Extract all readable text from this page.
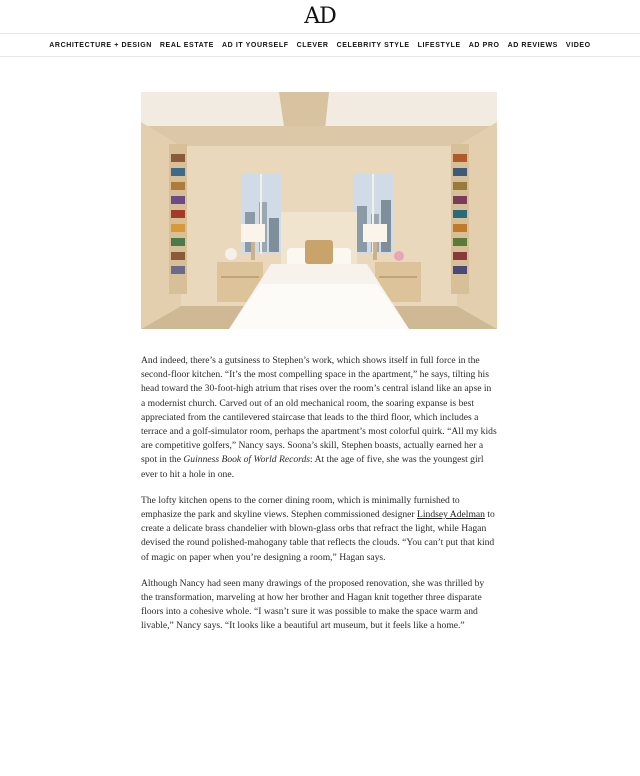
AD
ARCHITECTURE + DESIGN REAL ESTATE AD IT YOURSELF CLEVER CELEBRITY STYLE LIFESTYLE AD PRO AD REVIEWS VIDEO

And indeed, there’s a gutsiness to Stephen’s work, which shows itself in full force in the second-floor kitchen. “It’s the most compelling space in the apartment,” he says, tilting his head toward the 30-foot-high atrium that rises over the room’s central island like an apse in a modernist church. Carved out of an old mechanical room, the soaring expanse is best appreciated from the cantilevered staircase that leads to the third floor, which includes a terrace and a golf-simulator room, perhaps the apartment’s most colorful quirk. “All my kids are competitive golfers,” Nancy says. Soona’s skill, Stephen boasts, actually earned her a spot in the Guinness Book of World Records: At the age of five, she was the youngest girl ever to hit a hole in one.

The lofty kitchen opens to the corner dining room, which is minimally furnished to emphasize the park and skyline views. Stephen commissioned designer Lindsey Adelman to create a delicate brass chandelier with blown-glass orbs that refract the light, while Hagan devised the round polished-mahogany table that reflects the clouds. “You can’t put that kind of magic on paper when you’re designing a room,” Hagan says.

Although Nancy had seen many drawings of the proposed renovation, she was thrilled by the transformation, marveling at how her brother and Hagan knit together three disparate floors into a cohesive whole. “I wasn’t sure it was possible to make the space warm and livable,” Nancy says. “It looks like a beautiful art museum, but it feels like a home.”
